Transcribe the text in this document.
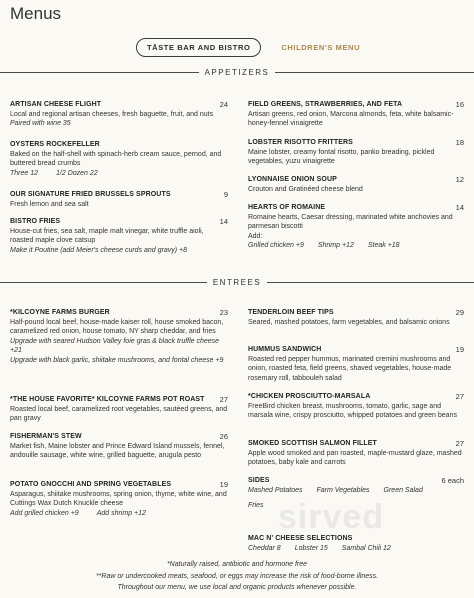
Menus
TĀSTE BAR AND BISTRO	CHILDREN'S MENU
APPETIZERS
ARTISAN CHEESE FLIGHT	24
Local and regional artisan cheeses, fresh baguette, fruit, and nuts
Paired with wine 35
OYSTERS ROCKEFELLER
Baked on the half-shell with spinach-herb cream sauce, pernod, and buttered bread crumbs
Three 12	1/2 Dozen 22
OUR SIGNATURE FRIED BRUSSELS SPROUTS	9
Fresh lemon and sea salt
BISTRO FRIES	14
House-cut fries, sea salt, maple malt vinegar, white truffle aioli, roasted maple clove catsup
Make it Poutine (add Meier's cheese curds and gravy) +8
FIELD GREENS, STRAWBERRIES, AND FETA	16
Artisan greens, red onion, Marcona almonds, feta, white balsamic-honey-fennel vinaigrette
LOBSTER RISOTTO FRITTERS	18
Maine lobster, creamy fontal risotto, panko breading, pickled vegetables, yuzu vinaigrette
LYONNAISE ONION SOUP	12
Crouton and Gratinéed cheese blend
HEARTS OF ROMAINE	14
Romaine hearts, Caesar dressing, marinated white anchovies and parmesan biscotti
Add:
Grilled chicken +9 Shrimp +12 Steak +18
ENTREES
*KILCOYNE FARMS BURGER	23
Half-pound local beef, house-made kaiser roll, house smoked bacon, caramelized red onion, house tomato, NY sharp cheddar, and fries
Upgrade with seared Hudson Valley foie gras & black truffle cheese +21
Upgrade with black garlic, shiitake mushrooms, and fontal cheese +9
*THE HOUSE FAVORITE* KILCOYNE FARMS POT ROAST 27
Roasted local beef, caramelized root vegetables, sautéed greens, and pan gravy
FISHERMAN'S STEW	26
Market fish, Maine lobster and Prince Edward Island mussels, fennel, andouille sausage, white wine, grilled baguette, arugula pesto
POTATO GNOCCHI AND SPRING VEGETABLES	19
Asparagus, shiitake mushrooms, spring onion, thyme, white wine, and Cuttings Wax Dutch Knuckle cheese
Add grilled chicken +9	Add shrimp +12
TENDERLOIN BEEF TIPS	29
Seared, mashed potatoes, farm vegetables, and balsamic onions
HUMMUS SANDWICH	19
Roasted red pepper hummus, marinated cremini mushrooms and onion, roasted feta, field greens, shaved vegetables, house-made rosemary roll, tabbouleh salad
*CHICKEN PROSCIUTTO-MARSALA	27
FreeBird chicken breast, mushrooms, tomato, garlic, sage and marsala wine, crispy prosciutto, whipped potatoes and green beans
SMOKED SCOTTISH SALMON FILLET	27
Apple wood smoked and pan roasted, maple-mustard glaze, mashed potatoes, baby kale and carrots
SIDES	6 each
Mashed Potatoes Farm Vegetables Green Salad
Fries
MAC N' CHEESE SELECTIONS
Cheddar 8 Lobster 15 Sambal Chili 12
sirved
*Naturally raised, antibiotic and hormone free
**Raw or undercooked meats, seafood, or eggs may increase the risk of food-borne illness.
Throughout our menu, we use local and organic products whenever possible.
